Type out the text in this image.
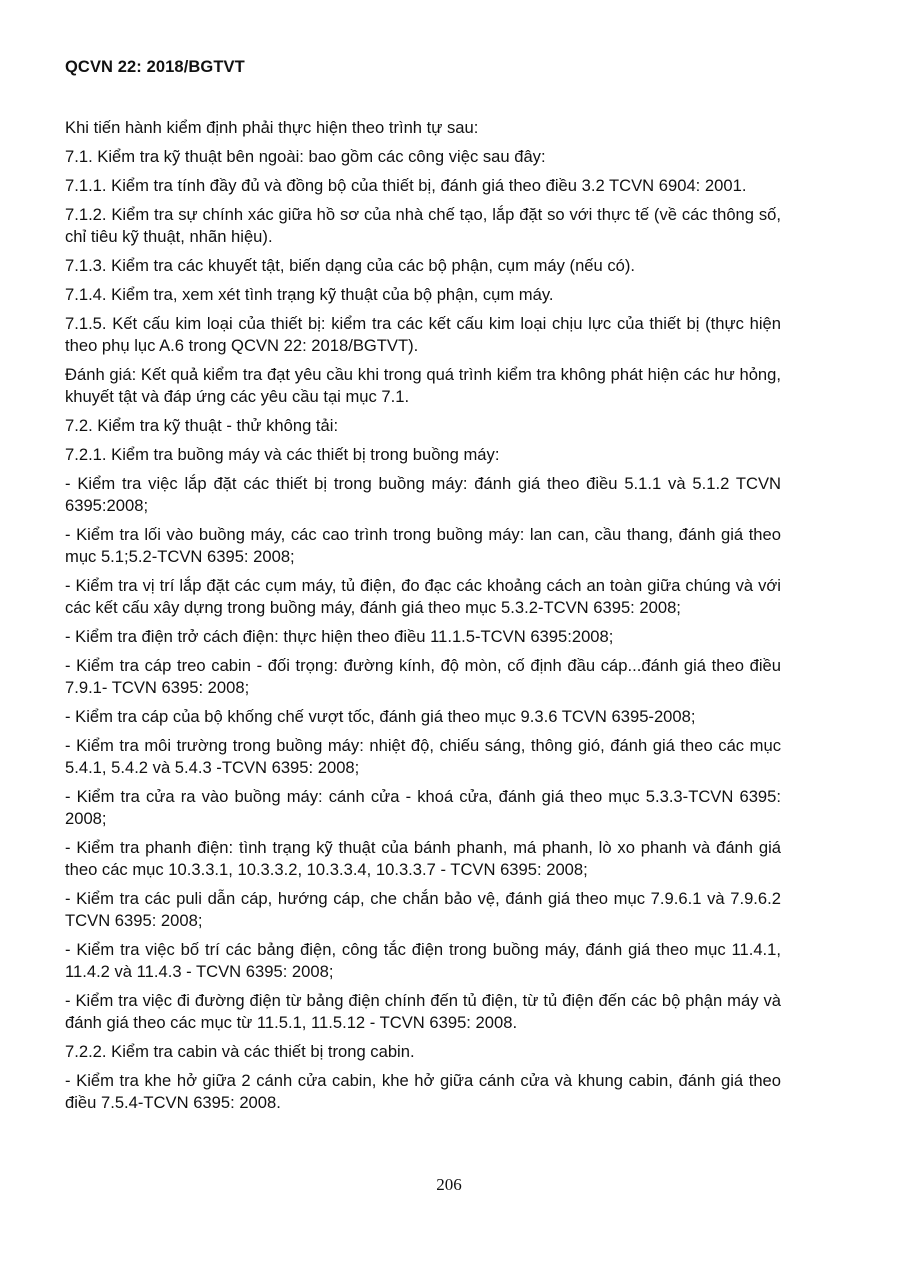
QCVN 22: 2018/BGTVT

Khi tiến hành kiểm định phải thực hiện theo trình tự sau:

7.1. Kiểm tra kỹ thuật bên ngoài: bao gồm các công việc sau đây:

7.1.1. Kiểm tra tính đầy đủ và đồng bộ của thiết bị, đánh giá theo điều 3.2 TCVN 6904: 2001.

7.1.2. Kiểm tra sự chính xác giữa hồ sơ của nhà chế tạo, lắp đặt so với thực tế (về các thông số, chỉ tiêu kỹ thuật, nhãn hiệu).

7.1.3. Kiểm tra các khuyết tật, biến dạng của các bộ phận, cụm máy (nếu có).

7.1.4. Kiểm tra, xem xét tình trạng kỹ thuật của bộ phận, cụm máy.

7.1.5. Kết cấu kim loại của thiết bị: kiểm tra các kết cấu kim loại chịu lực của thiết bị (thực hiện theo phụ lục A.6 trong QCVN 22: 2018/BGTVT).

Đánh giá: Kết quả kiểm tra đạt yêu cầu khi trong quá trình kiểm tra không phát hiện các hư hỏng, khuyết tật và đáp ứng các yêu cầu tại mục 7.1.

7.2. Kiểm tra kỹ thuật - thử không tải:

7.2.1. Kiểm tra buồng máy và các thiết bị trong buồng máy:

- Kiểm tra việc lắp đặt các thiết bị trong buồng máy: đánh giá theo điều 5.1.1 và 5.1.2 TCVN 6395:2008;

- Kiểm tra lối vào buồng máy, các cao trình trong buồng máy: lan can, cầu thang, đánh giá theo mục 5.1;5.2-TCVN 6395: 2008;

- Kiểm tra vị trí lắp đặt các cụm máy, tủ điện, đo đạc các khoảng cách an toàn giữa chúng và với các kết cấu xây dựng trong buồng máy, đánh giá theo mục 5.3.2-TCVN 6395: 2008;

- Kiểm tra điện trở cách điện: thực hiện theo điều 11.1.5-TCVN 6395:2008;

- Kiểm tra cáp treo cabin - đối trọng: đường kính, độ mòn, cố định đầu cáp...đánh giá theo điều 7.9.1- TCVN 6395: 2008;

- Kiểm tra cáp của bộ khống chế vượt tốc, đánh giá theo mục 9.3.6 TCVN 6395-2008;

- Kiểm tra môi trường trong buồng máy: nhiệt độ, chiếu sáng, thông gió, đánh giá theo các mục 5.4.1, 5.4.2 và 5.4.3 -TCVN 6395: 2008;

- Kiểm tra cửa ra vào buồng máy: cánh cửa - khoá cửa, đánh giá theo mục 5.3.3-TCVN 6395: 2008;

- Kiểm tra phanh điện: tình trạng kỹ thuật của bánh phanh, má phanh, lò xo phanh và đánh giá theo các mục 10.3.3.1, 10.3.3.2, 10.3.3.4, 10.3.3.7 - TCVN 6395: 2008;

- Kiểm tra các puli dẫn cáp, hướng cáp, che chắn bảo vệ, đánh giá theo mục 7.9.6.1 và 7.9.6.2 TCVN 6395: 2008;

- Kiểm tra việc bố trí các bảng điện, công tắc điện trong buồng máy, đánh giá theo mục 11.4.1, 11.4.2 và 11.4.3 - TCVN 6395: 2008;

- Kiểm tra việc đi đường điện từ bảng điện chính đến tủ điện, từ tủ điện đến các bộ phận máy và đánh giá theo các mục từ 11.5.1, 11.5.12 - TCVN 6395: 2008.

7.2.2. Kiểm tra cabin và các thiết bị trong cabin.

- Kiểm tra khe hở giữa 2 cánh cửa cabin, khe hở giữa cánh cửa và khung cabin, đánh giá theo điều 7.5.4-TCVN 6395: 2008.

206
